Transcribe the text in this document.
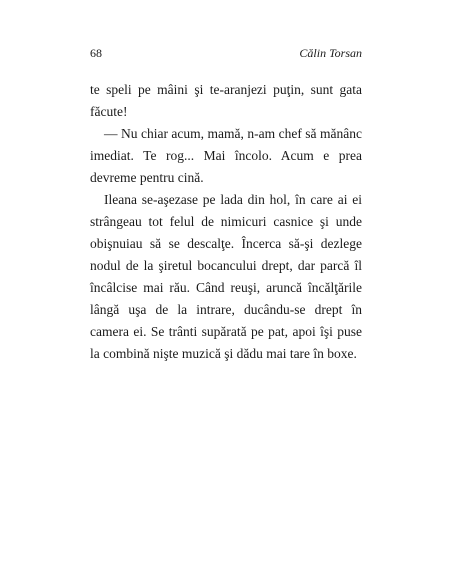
68	Călin Torsan

te speli pe mâini şi te-aranjezi puţin, sunt gata făcute!

— Nu chiar acum, mamă, n-am chef să mănânc imediat. Te rog... Mai încolo. Acum e prea devreme pentru cină.

Ileana se-aşezase pe lada din hol, în care ai ei strângeau tot felul de nimicuri casnice şi unde obişnuiau să se descalţe. Încerca să-şi dezlege nodul de la şiretul bocancului drept, dar parcă îl încâlcise mai rău. Când reuşi, aruncă încălţările lângă uşa de la intrare, ducându-se drept în camera ei. Se trânti supărată pe pat, apoi îşi puse la combină nişte muzică şi dădu mai tare în boxe.
